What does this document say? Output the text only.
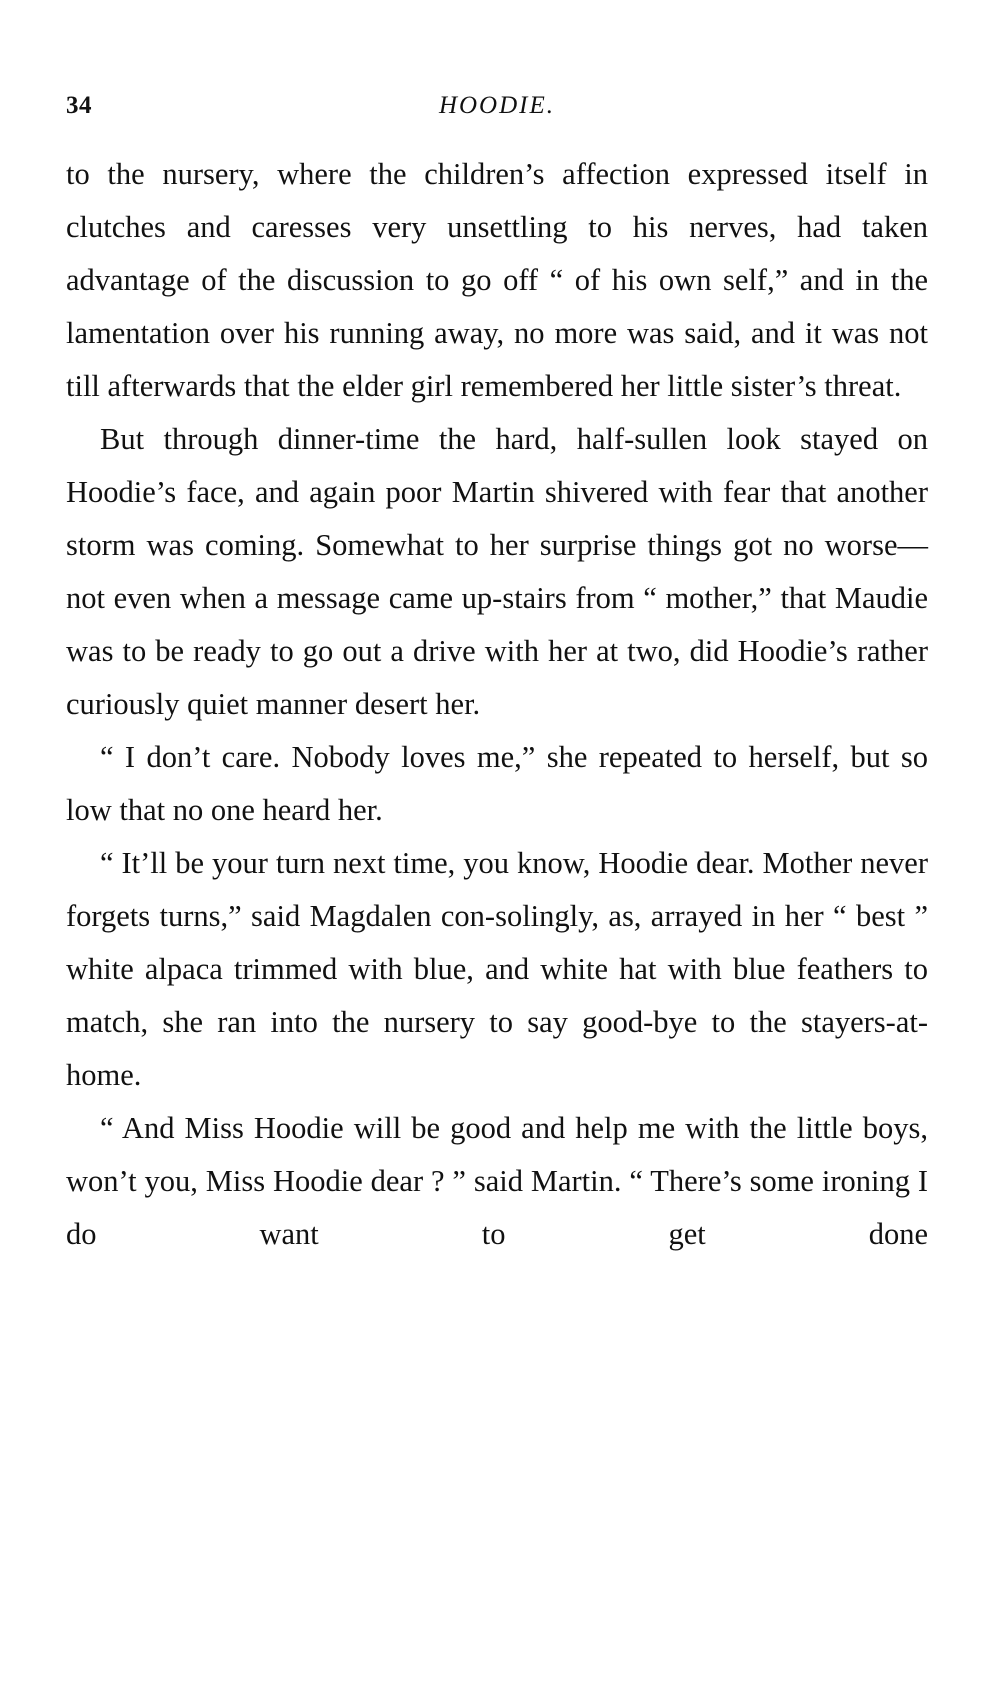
34	HOODIE.

to the nursery, where the children’s affection expressed itself in clutches and caresses very unsettling to his nerves, had taken advantage of the discussion to go off “ of his own self,” and in the lamentation over his running away, no more was said, and it was not till afterwards that the elder girl remembered her little sister’s threat.

But through dinner-time the hard, half-sullen look stayed on Hoodie’s face, and again poor Martin shivered with fear that another storm was coming. Somewhat to her surprise things got no worse—not even when a message came up-stairs from “ mother,” that Maudie was to be ready to go out a drive with her at two, did Hoodie’s rather curiously quiet manner desert her.

“ I don’t care. Nobody loves me,” she repeated to herself, but so low that no one heard her.

“ It’ll be your turn next time, you know, Hoodie dear. Mother never forgets turns,” said Magdalen con-solingly, as, arrayed in her “ best ” white alpaca trimmed with blue, and white hat with blue feathers to match, she ran into the nursery to say good-bye to the stayers-at-home.

“ And Miss Hoodie will be good and help me with the little boys, won’t you, Miss Hoodie dear ? ” said Martin. “ There’s some ironing I do want to get done
